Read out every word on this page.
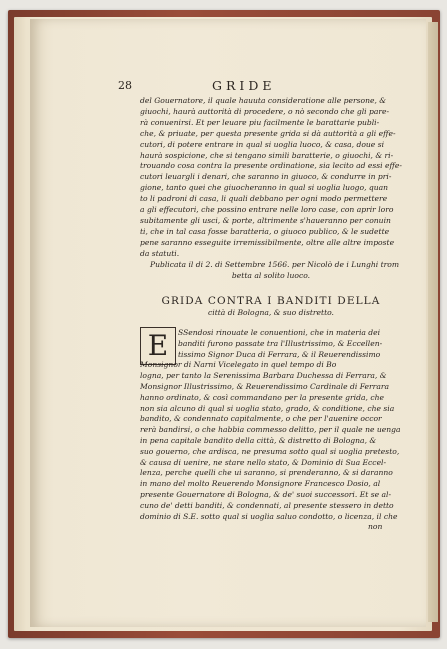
28	GRIDE
del Gouernatore, il quale hauuta consideratione alle persone, &
giuochi, haurà auttorità di procedere, o nò secondo che gli pare-
rà conuenirsi. Et per leuare piu facilmente le barattarie publi-
che, & priuate, per questa presente grida si dà auttorità a gli effe-
cutori, di potere entrare in qual si uoglia luoco, & casa, doue si
haurà sospicione, che si tengano simili baratterie, o giuochi, & ri-
trouando cosa contra la presente ordinatione, sia lecito ad essi effe-
cutori leuargli i denari, che saranno in giuoco, & condurre in pri-
gione, tanto quei che giuocheranno in qual si uoglia luogo, quan
to li padroni di casa, li quali debbano per ogni modo permettere
a gli effecutori, che possino entrare nelle loro case, con aprir loro
subitamente gli usci, & porte, altrimente s'haueranno per conuin
ti, che in tal casa fosse baratteria, o giuoco publico, & le sudette
pene saranno esseguite irremissibilmente, oltre alle altre imposte
da statuti.
Publicata il di 2. di Settembre 1566. per Nicolò de i Lunghi trom
betta al solito luoco.
GRIDA CONTRA I BANDITI DELLA
città di Bologna, & suo distretto.
E	SSendosi rinouate le conuentioni, che in materia dei
banditi furono passate tra l'Illustrissimo, & Eccellen-
tissimo Signor Duca di Ferrara, & il Reuerendissimo
Monsignor di Narni Vicelegato in quel tempo di Bo
logna, per tanto la Serenissima Barbara Duchessa di Ferrara, &
Monsignor Illustrissimo, & Reuerendissimo Cardinale di Ferrara
hanno ordinato, & così commandano per la presente grida, che
non sia alcuno di qual si uoglia stato, grado, & conditione, che sia
bandito, & condennato capitalmente, o che per l'auenire occor
rerà bandirsi, o che habbia commesso delitto, per il quale ne uenga
in pena capitale bandito della città, & distretto di Bologna, &
suo gouerno, che ardisca, ne presuma sotto qual si uoglia pretesto,
& causa di uenire, ne stare nello stato, & Dominio di Sua Eccel-
lenza, perche quelli che ui saranno, si prenderanno, & si daranno
in mano del molto Reuerendo Monsignore Francesco Dosio, al
presente Gouernatore di Bologna, & de' suoi successori. Et se al-
cuno de' detti banditi, & condennati, al presente stessero in detto
dominio di S.E. sotto qual si uoglia saluo condotto, o licenza, il che
non
